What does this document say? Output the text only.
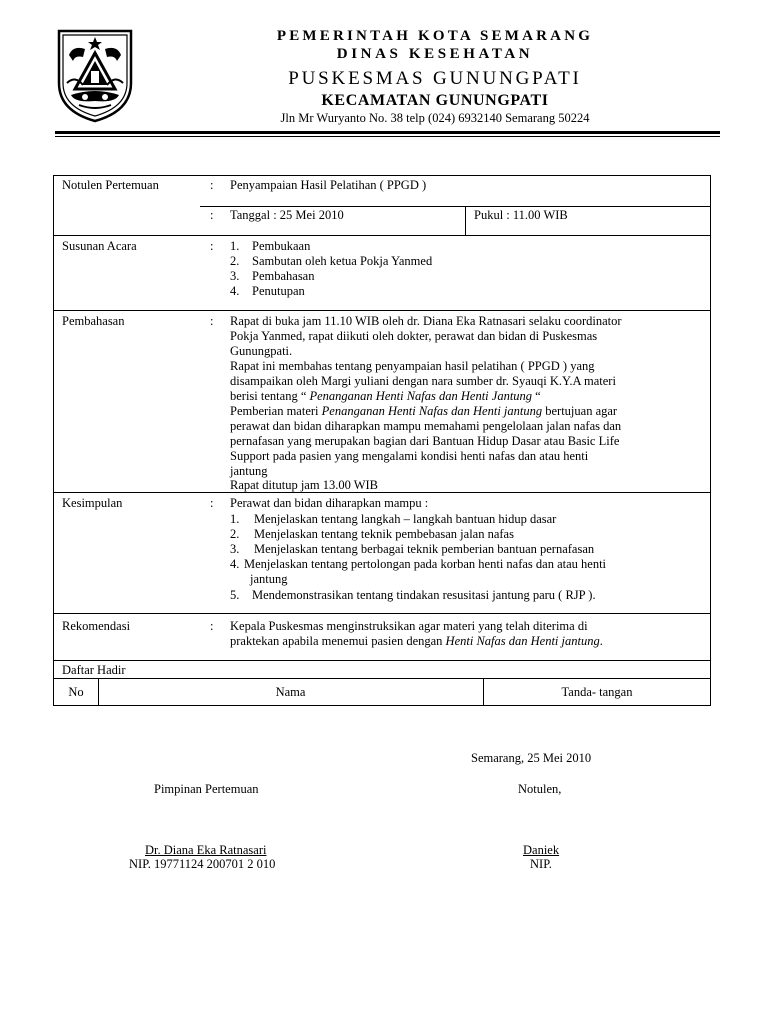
PEMERINTAH KOTA SEMARANG
DINAS KESEHATAN
PUSKESMAS GUNUNGPATI
KECAMATAN GUNUNGPATI
Jln Mr Wuryanto No. 38 telp (024) 6932140 Semarang 50224
Notulen Pertemuan	: Penyampaian Hasil Pelatihan ( PPGD )
: Tanggal : 25 Mei 2010	Pukul : 11.00 WIB
Susunan Acara	: 1. Pembukaan
2. Sambutan oleh ketua Pokja Yanmed
3. Pembahasan
4. Penutupan
Pembahasan	: Rapat di buka jam 11.10 WIB oleh dr. Diana Eka Ratnasari selaku coordinator
Pokja Yanmed, rapat diikuti oleh dokter, perawat dan bidan di Puskesmas
Gunungpati.
Rapat ini membahas tentang penyampaian hasil pelatihan ( PPGD ) yang
disampaikan oleh Margi yuliani dengan nara sumber dr. Syauqi K.Y.A materi
berisi tentang “ Penanganan Henti Nafas dan Henti Jantung “
Pemberian materi Penanganan Henti Nafas dan Henti jantung bertujuan agar
perawat dan bidan diharapkan mampu memahami pengelolaan jalan nafas dan
pernafasan yang merupakan bagian dari Bantuan Hidup Dasar atau Basic Life
Support pada pasien yang mengalami kondisi henti nafas dan atau henti
jantung
Rapat ditutup jam 13.00 WIB
Kesimpulan	: Perawat dan bidan diharapkan mampu :
1. Menjelaskan tentang langkah – langkah bantuan hidup dasar
2. Menjelaskan tentang teknik pembebasan jalan nafas
3. Menjelaskan tentang berbagai teknik pemberian bantuan pernafasan
4. Menjelaskan tentang pertolongan pada korban henti nafas dan atau henti
jantung
5. Mendemonstrasikan tentang tindakan resusitasi jantung paru ( RJP ).
Rekomendasi	: Kepala Puskesmas menginstruksikan agar materi yang telah diterima di
praktekan apabila menemui pasien dengan Henti Nafas dan Henti jantung.
Daftar Hadir
No	Nama	Tanda- tangan
Semarang, 25 Mei 2010
Pimpinan Pertemuan	Notulen,
Dr. Diana Eka Ratnasari
NIP. 19771124 200701 2 010
Daniek
NIP.
